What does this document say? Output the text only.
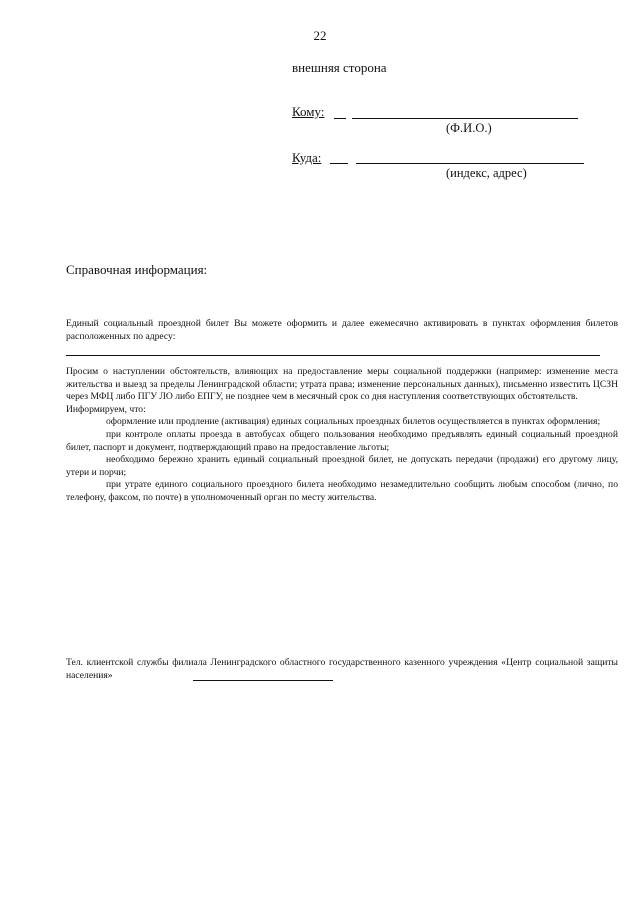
22
внешняя сторона
Кому:
(Ф.И.О.)
Куда:
(индекс, адрес)
Справочная информация:

Единый социальный проездной билет Вы можете оформить и далее ежемесячно активировать в пунктах оформления билетов расположенных по адресу:

Просим о наступлении обстоятельств, влияющих на предоставление меры социальной поддержки (например: изменение места жительства и выезд за пределы Ленинградской области; утрата права; изменение персональных данных), письменно известить ЦСЗН через МФЦ либо ПГУ ЛО либо ЕПГУ, не позднее чем в месячный срок со дня наступления соответствующих обстоятельств.

Информируем, что:

оформление или продление (активация) единых социальных проездных билетов осуществляется в пунктах оформления;

при контроле оплаты проезда в автобусах общего пользования необходимо предъявлять единый социальный проездной билет, паспорт и документ, подтверждающий право на предоставление льготы;

необходимо бережно хранить единый социальный проездной билет, не допускать передачи (продажи) его другому лицу, утери и порчи;

при утрате единого социального проездного билета необходимо незамедлительно сообщить любым способом (лично, по телефону, факсом, по почте) в уполномоченный орган по месту жительства.

Тел. клиентской службы филиала Ленинградского областного государственного казенного учреждения «Центр социальной защиты населения»
